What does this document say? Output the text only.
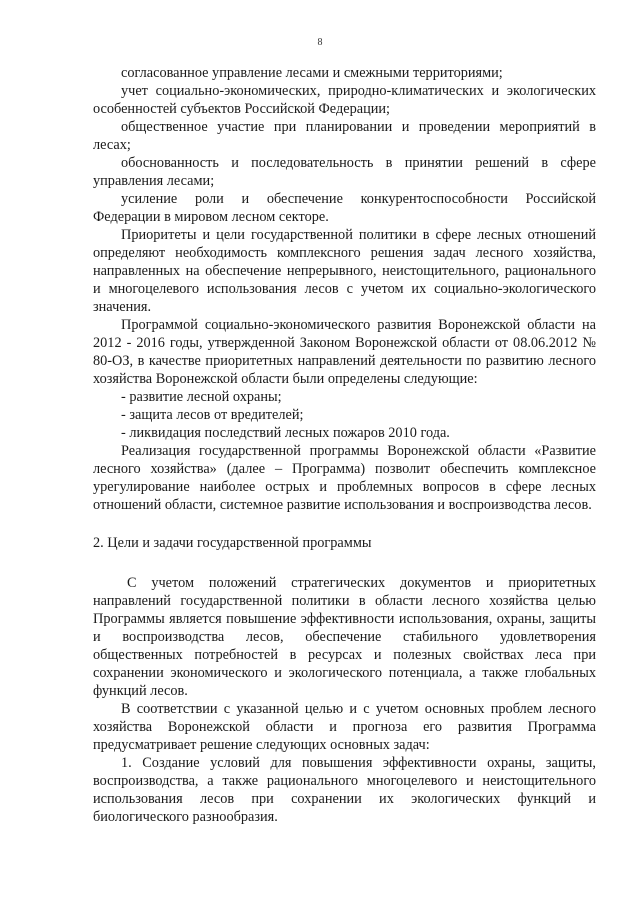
8

согласованное управление лесами и смежными территориями;

учет социально-экономических, природно-климатических и экологических особенностей субъектов Российской Федерации;

общественное участие при планировании и проведении мероприятий в лесах;

обоснованность и последовательность в принятии решений в сфере управления лесами;

усиление роли и обеспечение конкурентоспособности Российской Федерации в мировом лесном секторе.

Приоритеты и цели государственной политики в сфере лесных отношений определяют необходимость комплексного решения задач лесного хозяйства, направленных на обеспечение непрерывного, неистощительного, рационального и многоцелевого использования лесов с учетом их социально-экологического значения.

Программой социально-экономического развития Воронежской области на 2012 - 2016 годы, утвержденной Законом Воронежской области от 08.06.2012 № 80-ОЗ, в качестве приоритетных направлений деятельности по развитию лесного хозяйства Воронежской области были определены следующие:

- развитие лесной охраны;

- защита лесов от вредителей;

- ликвидация последствий лесных пожаров 2010 года.

Реализация государственной программы Воронежской области «Развитие лесного хозяйства» (далее – Программа) позволит обеспечить комплексное урегулирование наиболее острых и проблемных вопросов в сфере лесных отношений области, системное развитие использования и воспроизводства лесов.

2. Цели и задачи государственной программы

С учетом положений стратегических документов и приоритетных направлений государственной политики в области лесного хозяйства целью Программы является повышение эффективности использования, охраны, защиты и воспроизводства лесов, обеспечение стабильного удовлетворения общественных потребностей в ресурсах и полезных свойствах леса при сохранении экономического и экологического потенциала, а также глобальных функций лесов.

В соответствии с указанной целью и с учетом основных проблем лесного хозяйства Воронежской области и прогноза его развития Программа предусматривает решение следующих основных задач:

1. Создание условий для повышения эффективности охраны, защиты, воспроизводства, а также рационального многоцелевого и неистощительного использования лесов при сохранении их экологических функций и биологического разнообразия.
